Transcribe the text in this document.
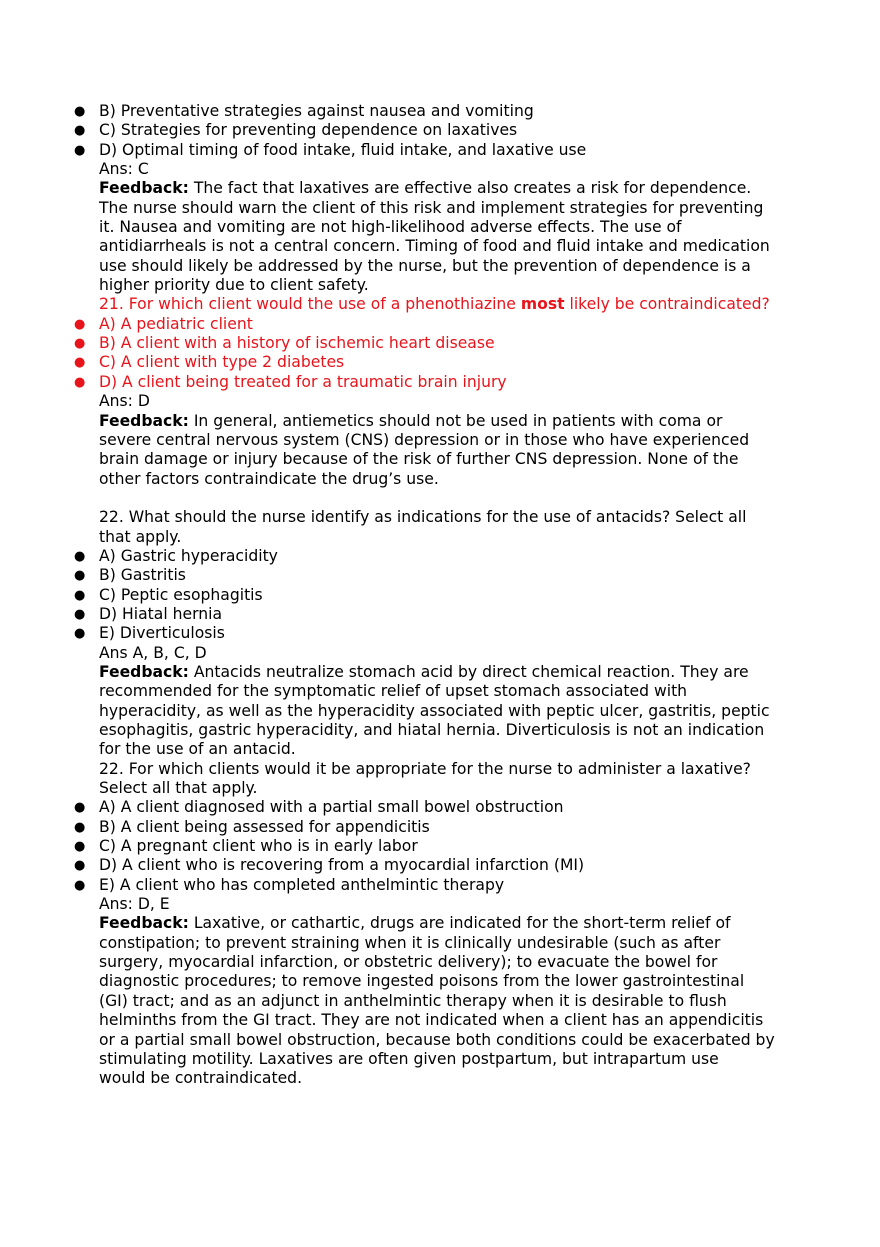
● B) Preventative strategies against nausea and vomiting
● C) Strategies for preventing dependence on laxatives
● D) Optimal timing of food intake, fluid intake, and laxative use
Ans: C
Feedback: The fact that laxatives are effective also creates a risk for dependence.
The nurse should warn the client of this risk and implement strategies for preventing
it. Nausea and vomiting are not high-likelihood adverse effects. The use of
antidiarrheals is not a central concern. Timing of food and fluid intake and medication
use should likely be addressed by the nurse, but the prevention of dependence is a
higher priority due to client safety.
21. For which client would the use of a phenothiazine most likely be contraindicated?
● A) A pediatric client
● B) A client with a history of ischemic heart disease
● C) A client with type 2 diabetes
● D) A client being treated for a traumatic brain injury
Ans: D
Feedback: In general, antiemetics should not be used in patients with coma or
severe central nervous system (CNS) depression or in those who have experienced
brain damage or injury because of the risk of further CNS depression. None of the
other factors contraindicate the drug’s use.
22. What should the nurse identify as indications for the use of antacids? Select all
that apply.
● A) Gastric hyperacidity
● B) Gastritis
● C) Peptic esophagitis
● D) Hiatal hernia
● E) Diverticulosis
Ans A, B, C, D
Feedback: Antacids neutralize stomach acid by direct chemical reaction. They are
recommended for the symptomatic relief of upset stomach associated with
hyperacidity, as well as the hyperacidity associated with peptic ulcer, gastritis, peptic
esophagitis, gastric hyperacidity, and hiatal hernia. Diverticulosis is not an indication
for the use of an antacid.
22. For which clients would it be appropriate for the nurse to administer a laxative?
Select all that apply.
● A) A client diagnosed with a partial small bowel obstruction
● B) A client being assessed for appendicitis
● C) A pregnant client who is in early labor
● D) A client who is recovering from a myocardial infarction (MI)
● E) A client who has completed anthelmintic therapy
Ans: D, E
Feedback: Laxative, or cathartic, drugs are indicated for the short-term relief of
constipation; to prevent straining when it is clinically undesirable (such as after
surgery, myocardial infarction, or obstetric delivery); to evacuate the bowel for
diagnostic procedures; to remove ingested poisons from the lower gastrointestinal
(GI) tract; and as an adjunct in anthelmintic therapy when it is desirable to flush
helminths from the GI tract. They are not indicated when a client has an appendicitis
or a partial small bowel obstruction, because both conditions could be exacerbated by
stimulating motility. Laxatives are often given postpartum, but intrapartum use
would be contraindicated.
